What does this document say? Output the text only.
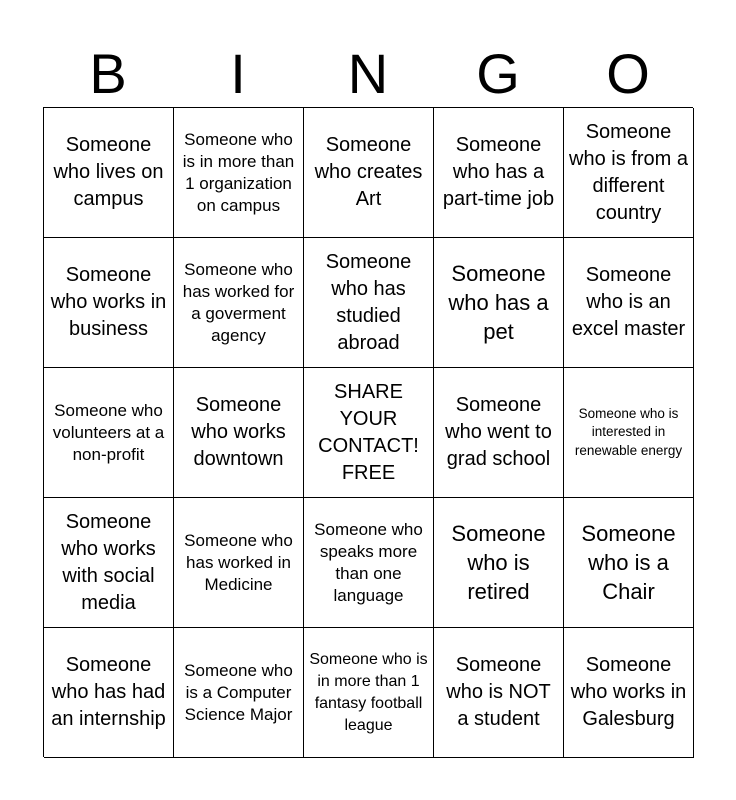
B	I	N	G	O
Someone who lives on campus
Someone who is in more than 1 organization on campus
Someone who creates Art
Someone who has a part-time job
Someone who is from a different country
Someone who works in business
Someone who has worked for a goverment agency
Someone who has studied abroad
Someone who has a pet
Someone who is an excel master
Someone who volunteers at a non-profit
Someone who works downtown
SHARE YOUR CONTACT! FREE
Someone who went to grad school
Someone who is interested in renewable energy
Someone who works with social media
Someone who has worked in Medicine
Someone who speaks more than one language
Someone who is retired
Someone who is a Chair
Someone who has had an internship
Someone who is a Computer Science Major
Someone who is in more than 1 fantasy football league
Someone who is NOT a student
Someone who works in Galesburg
